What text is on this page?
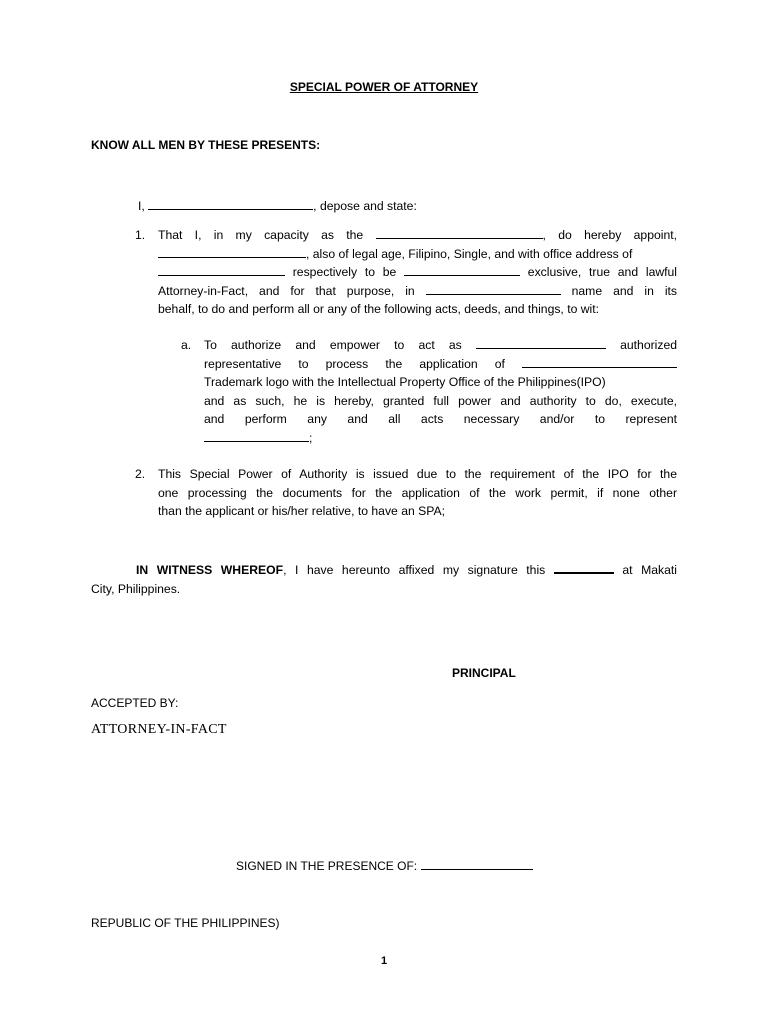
SPECIAL POWER OF ATTORNEY
KNOW ALL MEN BY THESE PRESENTS:
I,	, depose and state:
1. That I, in my capacity as the	, do hereby appoint,
, also of legal age, Filipino, Single, and with office address of
respectively to be	exclusive, true and lawful
Attorney-in-Fact, and for that purpose, in	name and in its
behalf, to do and perform all or any of the following acts, deeds, and things, to wit:
a. To authorize and empower to act as	authorized
representative to process the application of
Trademark logo with the Intellectual Property Office of the Philippines(IPO)
and as such, he is hereby, granted full power and authority to do, execute,
and perform any and all acts necessary and/or to represent
;
2. This Special Power of Authority is issued due to the requirement of the IPO for the
one processing the documents for the application of the work permit, if none other
than the applicant or his/her relative, to have an SPA;
IN WITNESS WHEREOF, I have hereunto affixed my signature this	at Makati
City, Philippines.
PRINCIPAL
ACCEPTED BY:
ATTORNEY-IN-FACT
SIGNED IN THE PRESENCE OF:
REPUBLIC OF THE PHILIPPINES)
1
